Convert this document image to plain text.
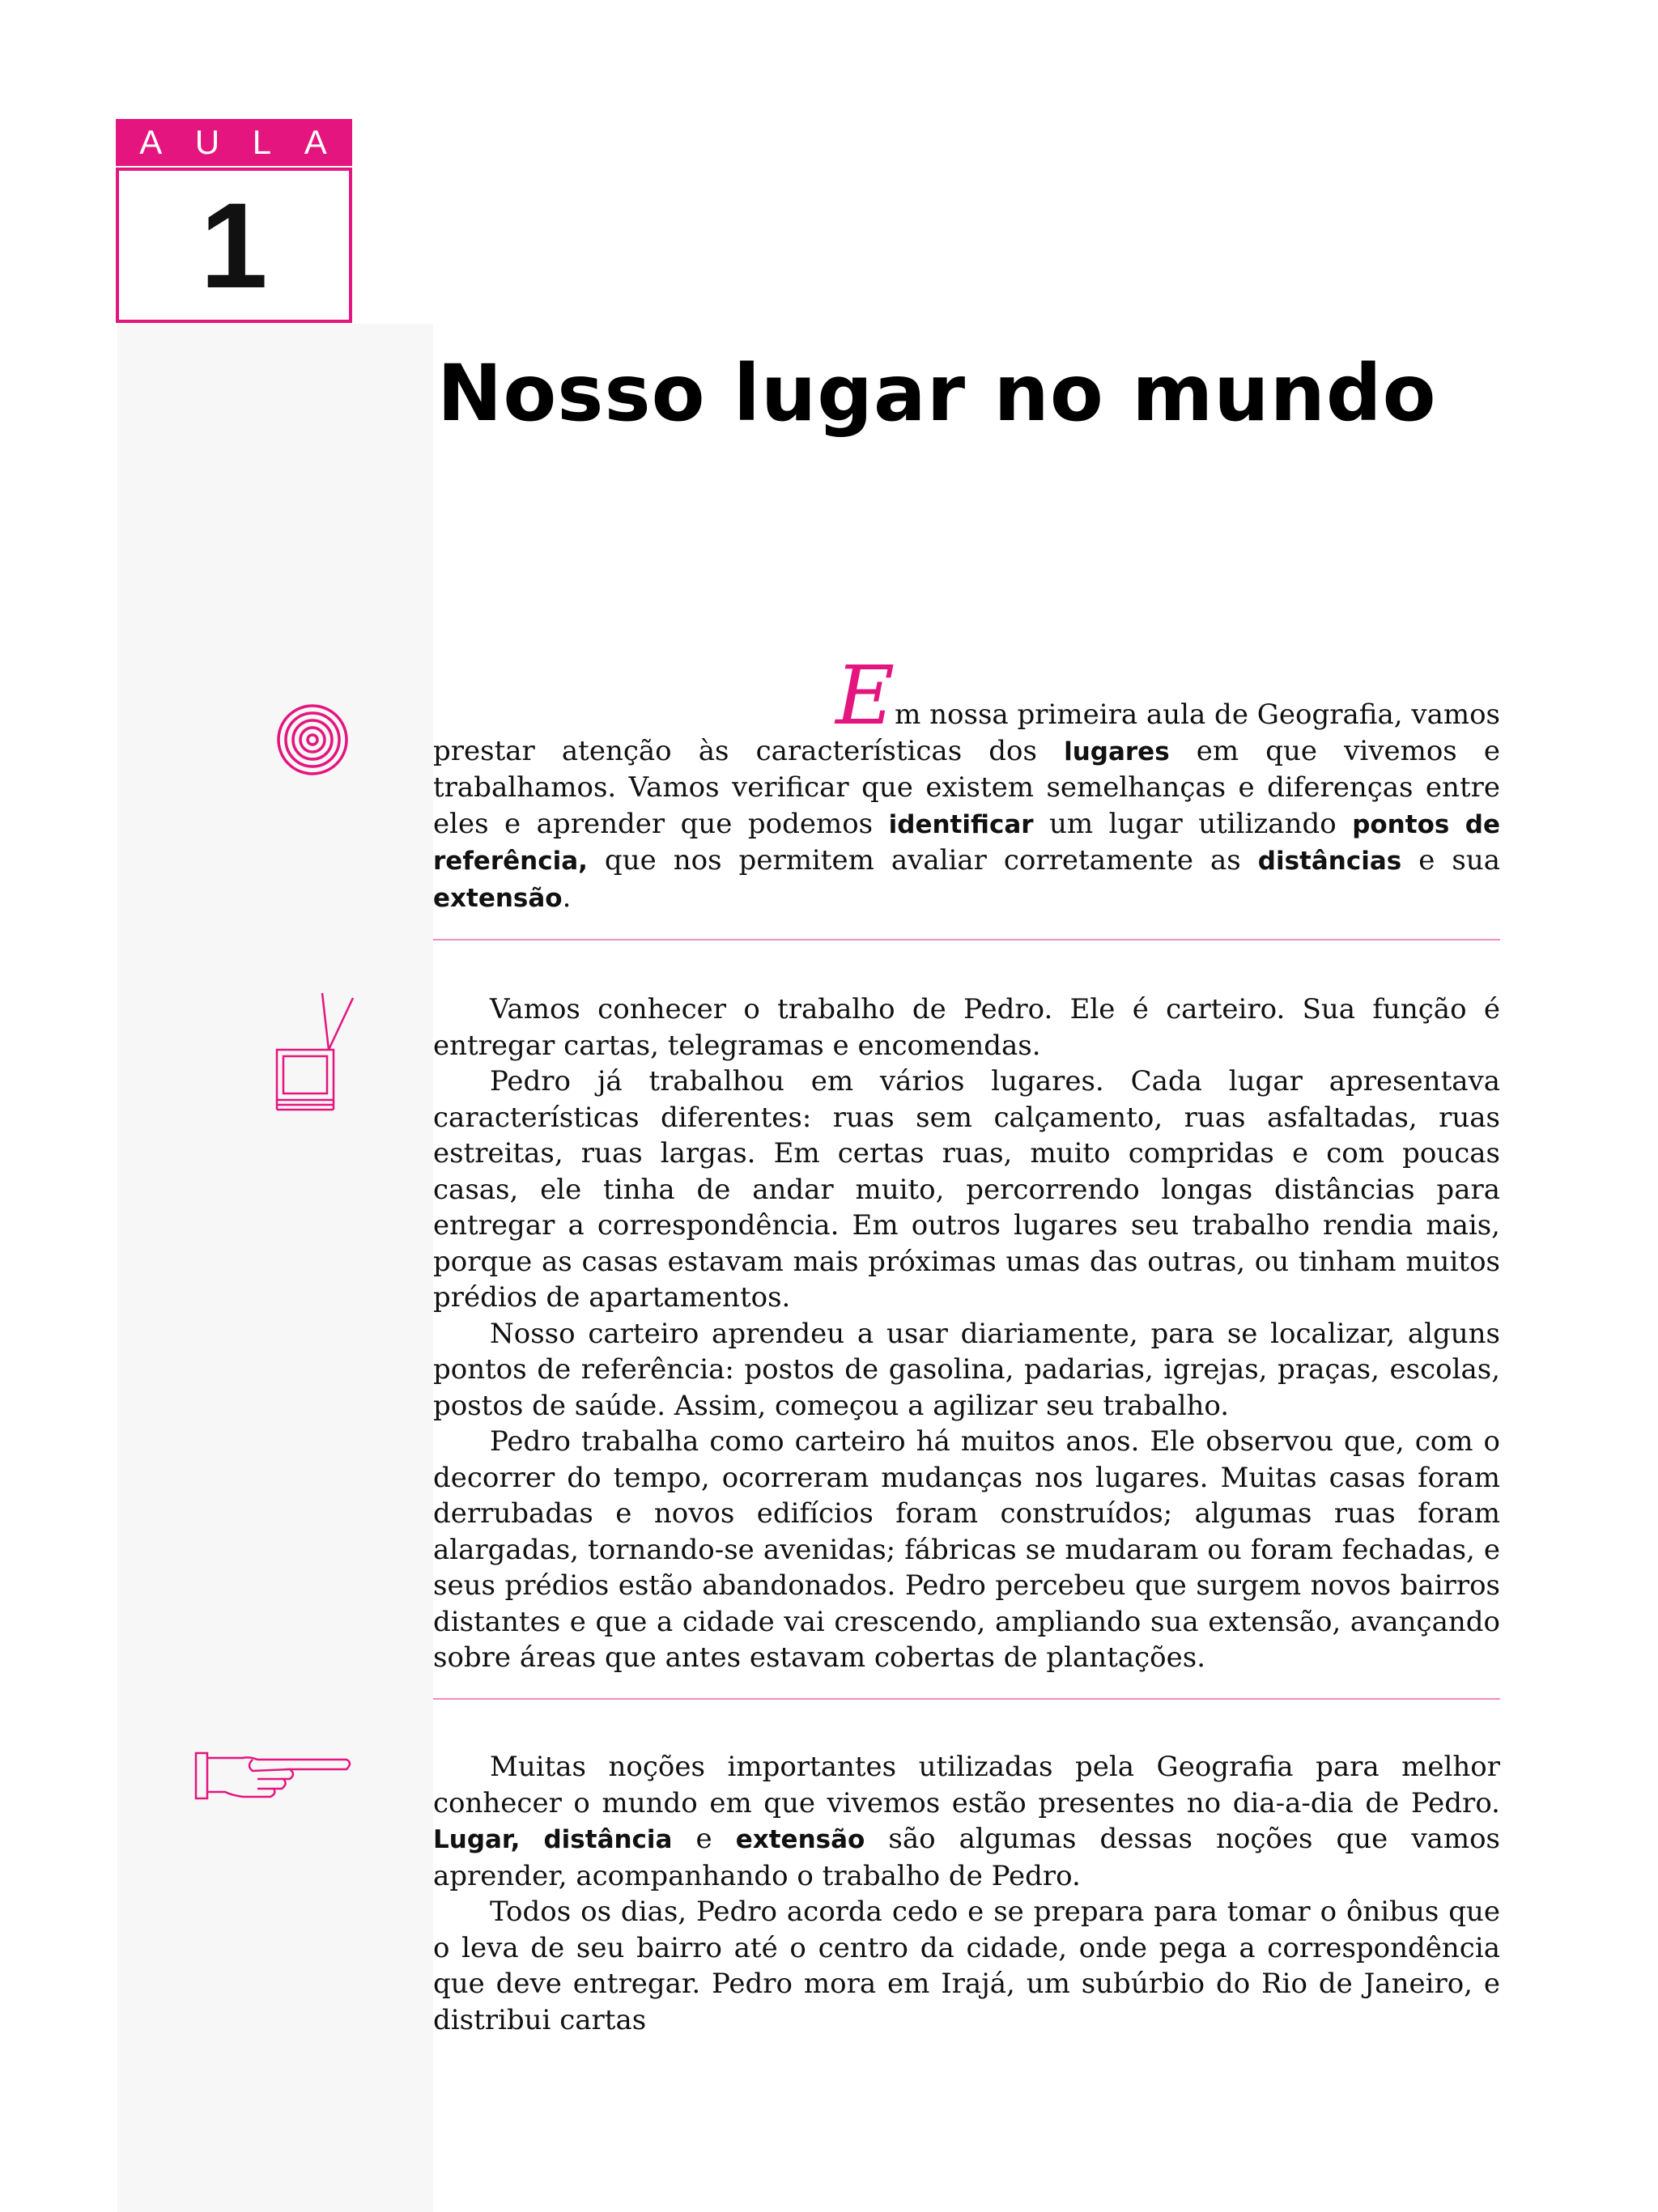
A U L A
1
Nosso lugar no mundo

Em nossa primeira aula de Geografia, vamos

prestar atenção às características dos lugares em que vivemos e trabalhamos. Vamos verificar que existem semelhanças e diferenças entre eles e aprender que podemos identificar um lugar utilizando pontos de referência, que nos permitem avaliar corretamente as distâncias e sua extensão.

Vamos conhecer o trabalho de Pedro. Ele é carteiro. Sua função é entregar cartas, telegramas e encomendas.

Pedro já trabalhou em vários lugares. Cada lugar apresentava características diferentes: ruas sem calçamento, ruas asfaltadas, ruas estreitas, ruas largas. Em certas ruas, muito compridas e com poucas casas, ele tinha de andar muito, percorrendo longas distâncias para entregar a correspondência. Em outros lugares seu trabalho rendia mais, porque as casas estavam mais próximas umas das outras, ou tinham muitos prédios de apartamentos.

Nosso carteiro aprendeu a usar diariamente, para se localizar, alguns pontos de referência: postos de gasolina, padarias, igrejas, praças, escolas, postos de saúde. Assim, começou a agilizar seu trabalho.

Pedro trabalha como carteiro há muitos anos. Ele observou que, com o decorrer do tempo, ocorreram mudanças nos lugares. Muitas casas foram derrubadas e novos edifícios foram construídos; algumas ruas foram alargadas, tornando-se avenidas; fábricas se mudaram ou foram fechadas, e seus prédios estão abandonados. Pedro percebeu que surgem novos bairros distantes e que a cidade vai crescendo, ampliando sua extensão, avançando sobre áreas que antes estavam cobertas de plantações.

Muitas noções importantes utilizadas pela Geografia para melhor conhecer o mundo em que vivemos estão presentes no dia-a-dia de Pedro. Lugar, distância e extensão são algumas dessas noções que vamos aprender, acompanhando o trabalho de Pedro.

Todos os dias, Pedro acorda cedo e se prepara para tomar o ônibus que o leva de seu bairro até o centro da cidade, onde pega a correspondência que deve entregar. Pedro mora em Irajá, um subúrbio do Rio de Janeiro, e distribui cartas
